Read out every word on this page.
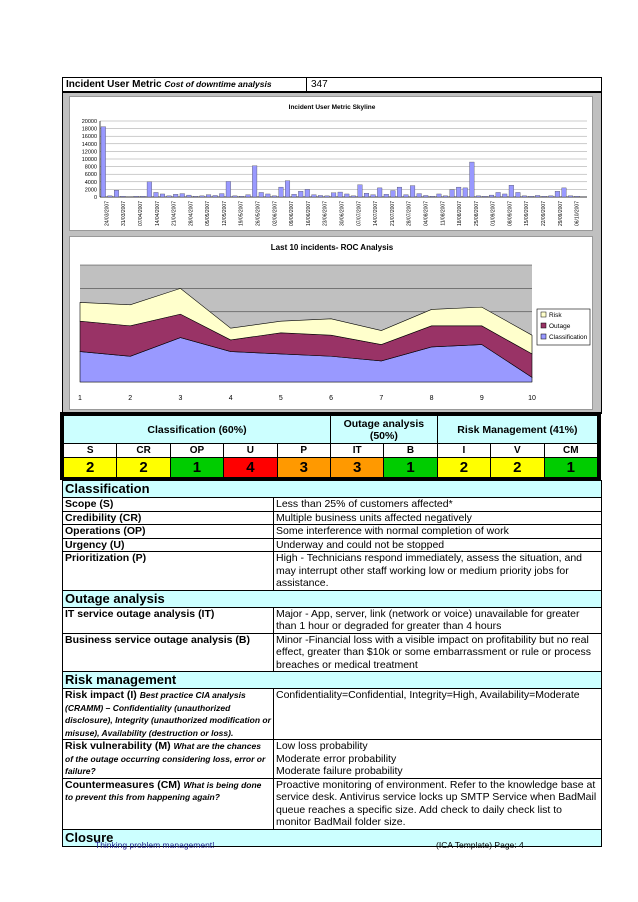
Incident User Metric Cost of downtime analysis	347
Incident User Metric Skyline
20000
18000
16000
14000
12000
10000
8000
6000
4000
2000
0
24/03/2007 31/03/2007 07/04/2007 14/04/2007 21/04/2007 28/04/2007 05/05/2007 12/05/2007 19/05/2007 26/05/2007 02/06/2007 09/06/2007 16/06/2007 23/06/2007 30/06/2007 07/07/2007 14/07/2007 21/07/2007 28/07/2007 04/08/2007 11/08/2007 18/08/2007 25/08/2007 01/09/2007 08/09/2007 15/09/2007 22/09/2007 29/09/2007 06/10/2007
Last 10 incidents- ROC Analysis
1	2	3	4	5	6	7	8	9	10
Risk
Outage
Classification
Classification (60%)					Outage analysis (50%)		Risk Management (41%)		
S	CR	OP	U	P	IT	B	I	V	CM
2	2	1	4	3	3	1	2	2	1
Classification	
Scope (S)	Less than 25% of customers affected*
Credibility (CR)	Multiple business units affected negatively
Operations (OP)	Some interference with normal completion of work
Urgency (U)	Underway and could not be stopped
Prioritization (P)	High - Technicians respond immediately, assess the situation, and may interrupt other staff working low or medium priority jobs for assistance.
Outage analysis	
IT service outage analysis (IT)	Major - App, server, link (network or voice) unavailable for greater than 1 hour or degraded for greater than 4 hours
Business service outage analysis (B)	Minor -Financial loss with a visible impact on profitability but no real effect, greater than $10k or some embarrassment or rule or process breaches or medical treatment
Risk management	
Risk impact (I) Best practice CIA analysis (CRAMM) – Confidentiality (unauthorized disclosure), Integrity (unauthorized modification or misuse), Availability (destruction or loss).	Confidentiality=Confidential, Integrity=High, Availability=Moderate
Risk vulnerability (M) What are the chances of the outage occurring considering loss, error or failure?	Low loss probability
Moderate error probability
Moderate failure probability

Countermeasures (CM) What is being done to prevent this from happening again?	Proactive monitoring of environment. Refer to the knowledge base at service desk. Antivirus service locks up SMTP Service when BadMail queue reaches a specific size. Add check to daily check list to monitor BadMail folder size.
Closure	
Thinking problem management!	(ICA Template) Page: 4
